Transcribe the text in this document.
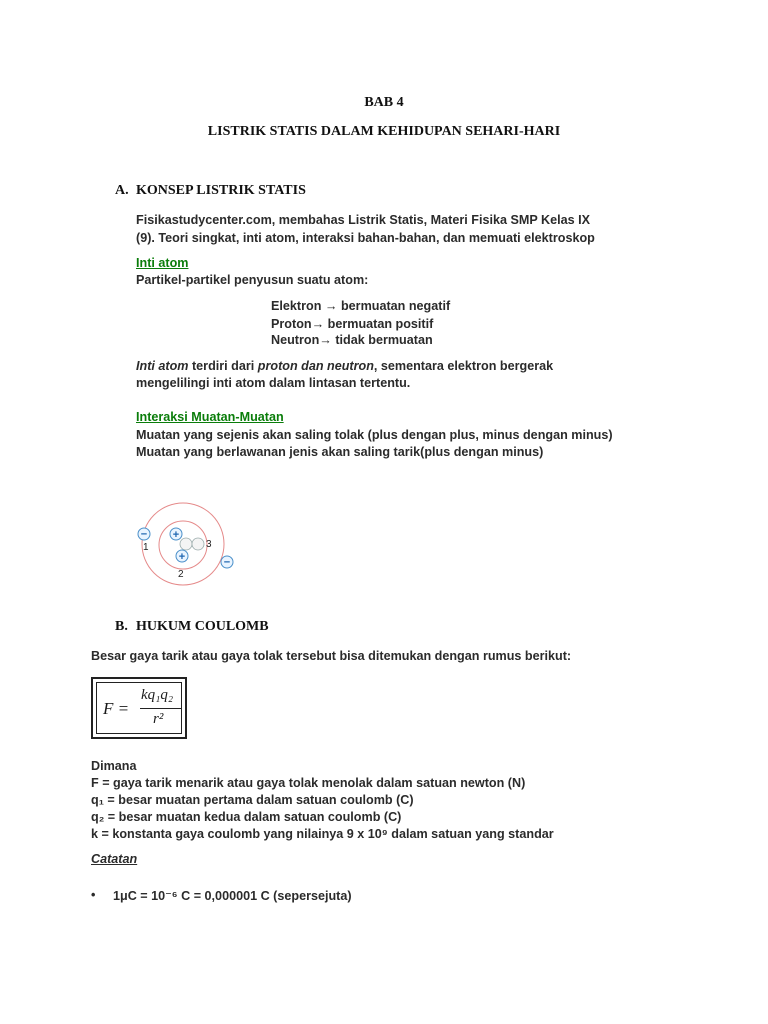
BAB 4
LISTRIK STATIS DALAM KEHIDUPAN SEHARI-HARI
A. KONSEP LISTRIK STATIS
Fisikastudycenter.com, membahas Listrik Statis, Materi Fisika SMP Kelas IX
(9). Teori singkat, inti atom, interaksi bahan-bahan, dan memuati elektroskop
Inti atom
Partikel-partikel penyusun suatu atom:
Elektron → bermuatan negatif
Proton→ bermuatan positif
Neutron→ tidak bermuatan
Inti atom terdiri dari proton dan neutron, sementara elektron bergerak
mengelilingi inti atom dalam lintasan tertentu.
Interaksi Muatan-Muatan
Muatan yang sejenis akan saling tolak (plus dengan plus, minus dengan minus)
Muatan yang berlawanan jenis akan saling tarik(plus dengan minus)
+
+
−
−
1
2
3
B. HUKUM COULOMB
Besar gaya tarik atau gaya tolak tersebut bisa ditemukan dengan rumus berikut:
F =
kq₁q₂
r²
Dimana
F = gaya tarik menarik atau gaya tolak menolak dalam satuan newton (N)
q₁ = besar muatan pertama dalam satuan coulomb (C)
q₂ = besar muatan kedua dalam satuan coulomb (C)
k = konstanta gaya coulomb yang nilainya 9 x 10⁹ dalam satuan yang standar
Catatan
• 1μC = 10⁻⁶ C = 0,000001 C (sepersejuta)
